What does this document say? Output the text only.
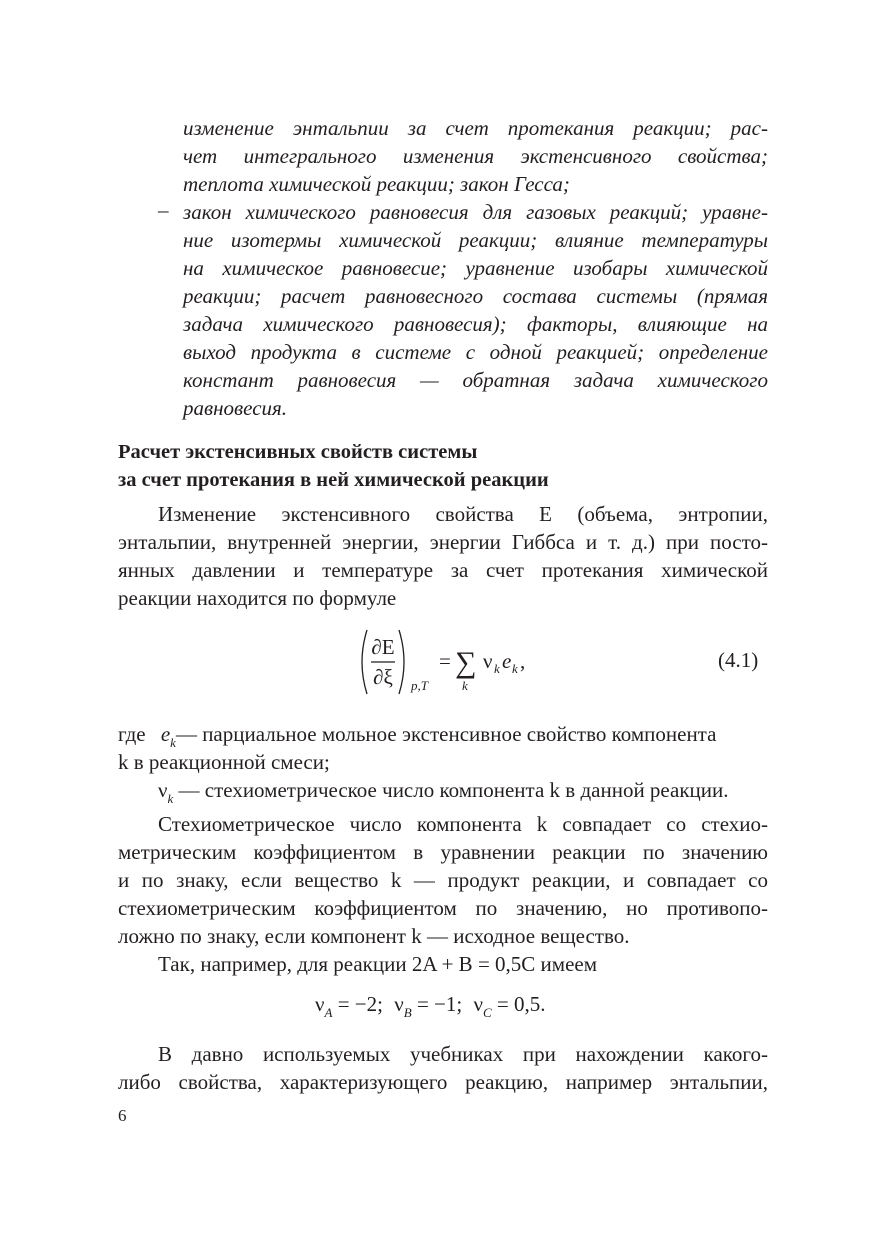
изменение энтальпии за счет протекания реакции; рас-
чет интегрального изменения экстенсивного свойства;
теплота химической реакции; закон Гесса;
– закон химического равновесия для газовых реакций; уравне-
ние изотермы химической реакции; влияние температуры
на химическое равновесие; уравнение изобары химической
реакции; расчет равновесного состава системы (прямая
задача химического равновесия); факторы, влияющие на
выход продукта в системе с одной реакцией; определение
констант равновесия — обратная задача химического
равновесия.
Расчет экстенсивных свойств системы
за счет протекания в ней химической реакции
Изменение экстенсивного свойства E (объема, энтропии,
энтальпии, внутренней энергии, энергии Гиббса и т. д.) при посто-
янных давлении и температуре за счет протекания химической
реакции находится по формуле
∂E
∂ξ p,T
= ∑
k
ν k e k ,	(4.1)
где $e_k—$ парциальное мольное экстенсивное свойство компонента
k в реакционной смеси;
$\nu_k$ — стехиометрическое число компонента k в данной реакции.
Стехиометрическое число компонента k совпадает со стехио-
метрическим коэффициентом в уравнении реакции по значению
и по знаку, если вещество k — продукт реакции, и совпадает со
стехиометрическим коэффициентом по значению, но противопо-
ложно по знаку, если компонент k — исходное вещество.
Так, например, для реакции 2A + B = 0,5C имеем
$\nu_A = -2$; $\nu_B = -1$; $\nu_C = 0,5$.
В давно используемых учебниках при нахождении какого-
либо свойства, характеризующего реакцию, например энтальпии,
6
